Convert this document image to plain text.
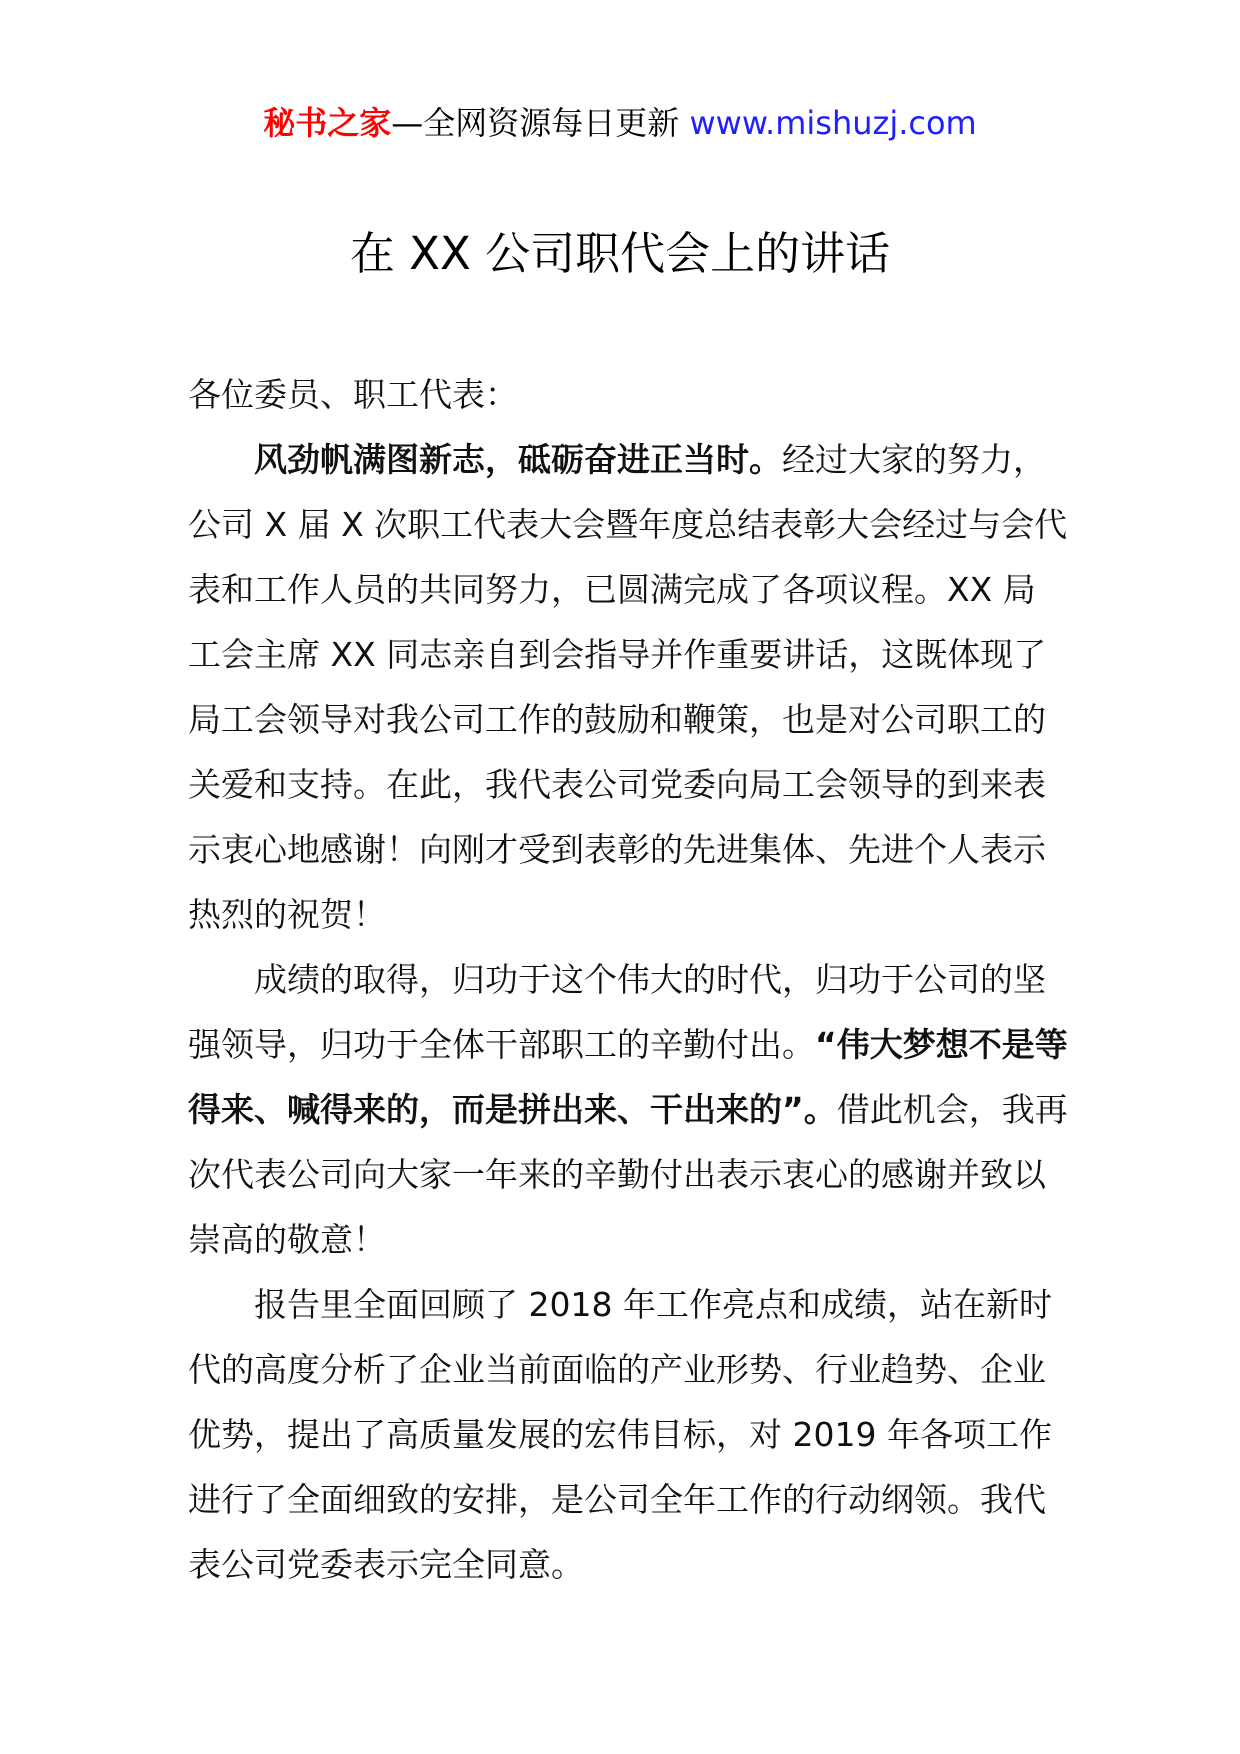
秘书之家—全网资源每日更新 www.mishuzj.com
在 XX 公司职代会上的讲话

各位委员、职工代表：

风劲帆满图新志，砥砺奋进正当时。经过大家的努力，公司 X 届 X 次职工代表大会暨年度总结表彰大会经过与会代表和工作人员的共同努力，已圆满完成了各项议程。XX 局工会主席 XX 同志亲自到会指导并作重要讲话，这既体现了局工会领导对我公司工作的鼓励和鞭策，也是对公司职工的关爱和支持。在此，我代表公司党委向局工会领导的到来表示衷心地感谢！向刚才受到表彰的先进集体、先进个人表示热烈的祝贺！

成绩的取得，归功于这个伟大的时代，归功于公司的坚强领导，归功于全体干部职工的辛勤付出。“伟大梦想不是等得来、喊得来的，而是拼出来、干出来的”。借此机会，我再次代表公司向大家一年来的辛勤付出表示衷心的感谢并致以崇高的敬意！

报告里全面回顾了 2018 年工作亮点和成绩，站在新时代的高度分析了企业当前面临的产业形势、行业趋势、企业优势，提出了高质量发展的宏伟目标，对 2019 年各项工作进行了全面细致的安排，是公司全年工作的行动纲领。我代表公司党委表示完全同意。
